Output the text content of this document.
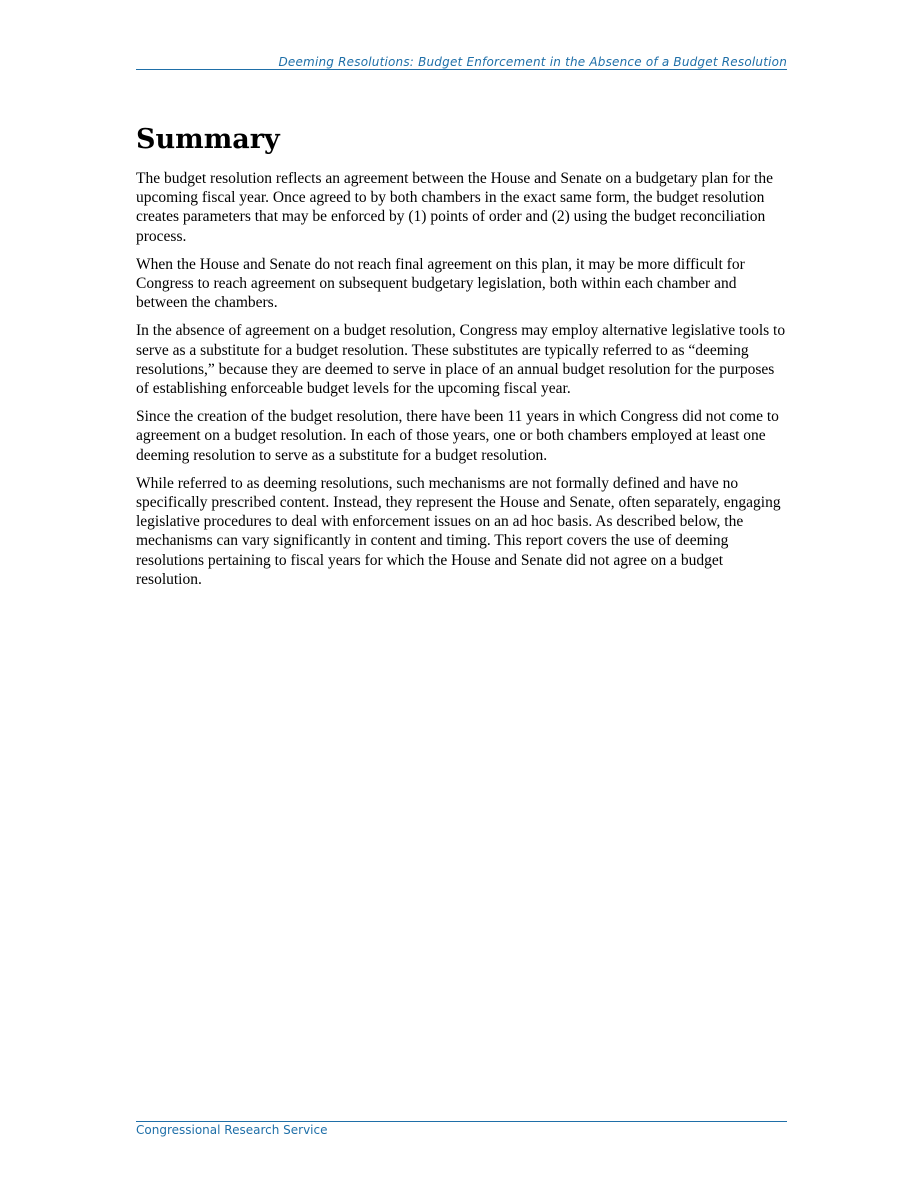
Deeming Resolutions: Budget Enforcement in the Absence of a Budget Resolution
Summary

The budget resolution reflects an agreement between the House and Senate on a budgetary plan for the upcoming fiscal year. Once agreed to by both chambers in the exact same form, the budget resolution creates parameters that may be enforced by (1) points of order and (2) using the budget reconciliation process.

When the House and Senate do not reach final agreement on this plan, it may be more difficult for Congress to reach agreement on subsequent budgetary legislation, both within each chamber and between the chambers.

In the absence of agreement on a budget resolution, Congress may employ alternative legislative tools to serve as a substitute for a budget resolution. These substitutes are typically referred to as “deeming resolutions,” because they are deemed to serve in place of an annual budget resolution for the purposes of establishing enforceable budget levels for the upcoming fiscal year.

Since the creation of the budget resolution, there have been 11 years in which Congress did not come to agreement on a budget resolution. In each of those years, one or both chambers employed at least one deeming resolution to serve as a substitute for a budget resolution.

While referred to as deeming resolutions, such mechanisms are not formally defined and have no specifically prescribed content. Instead, they represent the House and Senate, often separately, engaging legislative procedures to deal with enforcement issues on an ad hoc basis. As described below, the mechanisms can vary significantly in content and timing. This report covers the use of deeming resolutions pertaining to fiscal years for which the House and Senate did not agree on a budget resolution.

Congressional Research Service
